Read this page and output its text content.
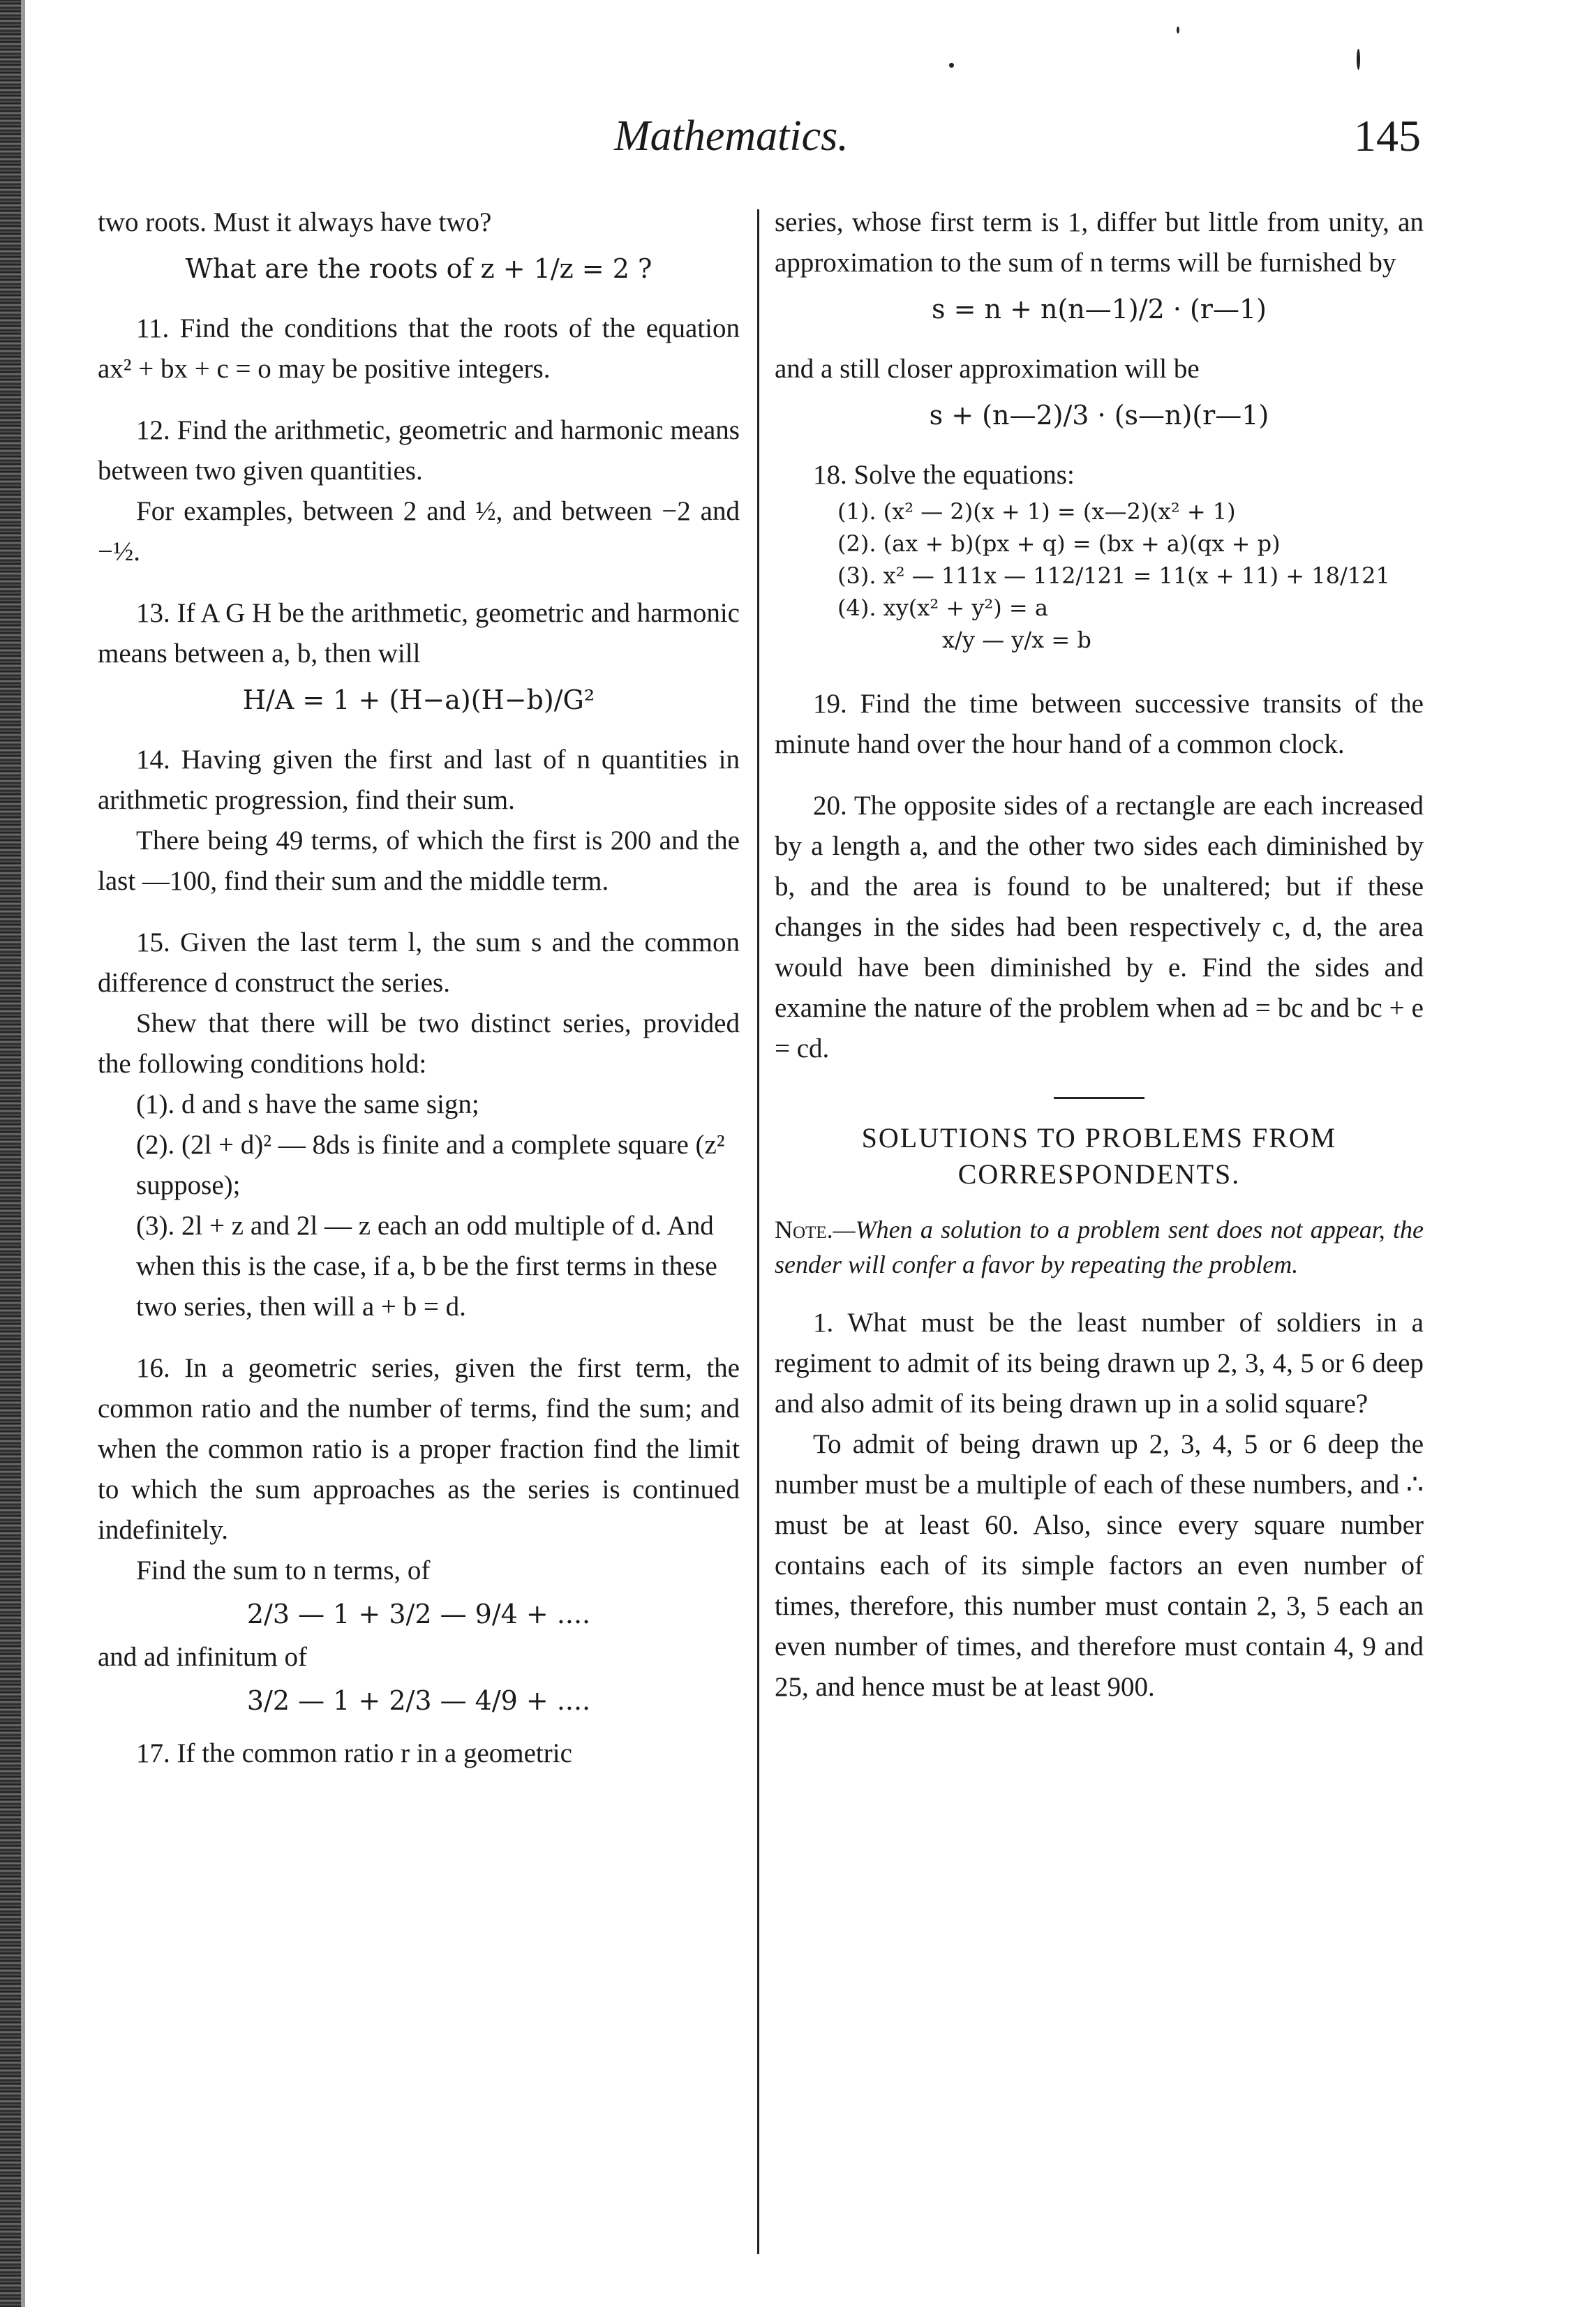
Mathematics.	145

two roots. Must it always have two?

What are the roots of z + 1/z = 2 ?

11. Find the conditions that the roots of the equation ax² + bx + c = o may be positive integers.

12. Find the arithmetic, geometric and harmonic means between two given quantities.

For examples, between 2 and ½, and between −2 and −½.

13. If A G H be the arithmetic, geometric and harmonic means between a, b, then will

H/A = 1 + (H−a)(H−b)/G²

14. Having given the first and last of n quantities in arithmetic progression, find their sum.

There being 49 terms, of which the first is 200 and the last —100, find their sum and the middle term.

15. Given the last term l, the sum s and the common difference d construct the series.

Shew that there will be two distinct series, provided the following conditions hold:

(1). d and s have the same sign;

(2). (2l + d)² — 8ds is finite and a complete square (z² suppose);

(3). 2l + z and 2l — z each an odd multiple of d. And when this is the case, if a, b be the first terms in these two series, then will a + b = d.

16. In a geometric series, given the first term, the common ratio and the number of terms, find the sum; and when the common ratio is a proper fraction find the limit to which the sum approaches as the series is continued indefinitely.

Find the sum to n terms, of

2/3 — 1 + 3/2 — 9/4 + ....

and ad infinitum of

3/2 — 1 + 2/3 — 4/9 + ....

17. If the common ratio r in a geometric

series, whose first term is 1, differ but little from unity, an approximation to the sum of n terms will be furnished by

s = n + n(n—1)/2 · (r—1)

and a still closer approximation will be

s + (n—2)/3 · (s—n)(r—1)

18. Solve the equations:

(1). (x² — 2)(x + 1) = (x—2)(x² + 1)
(2). (ax + b)(px + q) = (bx + a)(qx + p)
(3). x² — 111x — 112/121 = 11(x + 11) + 18/121
(4). xy(x² + y²) = a
x/y — y/x = b

19. Find the time between successive transits of the minute hand over the hour hand of a common clock.

20. The opposite sides of a rectangle are each increased by a length a, and the other two sides each diminished by b, and the area is found to be unaltered; but if these changes in the sides had been respectively c, d, the area would have been diminished by e. Find the sides and examine the nature of the problem when ad = bc and bc + e = cd.

SOLUTIONS TO PROBLEMS FROM CORRESPONDENTS.

Note.—When a solution to a problem sent does not appear, the sender will confer a favor by repeating the problem.

1. What must be the least number of soldiers in a regiment to admit of its being drawn up 2, 3, 4, 5 or 6 deep and also admit of its being drawn up in a solid square?

To admit of being drawn up 2, 3, 4, 5 or 6 deep the number must be a multiple of each of these numbers, and ∴ must be at least 60. Also, since every square number contains each of its simple factors an even number of times, therefore, this number must contain 2, 3, 5 each an even number of times, and therefore must contain 4, 9 and 25, and hence must be at least 900.
